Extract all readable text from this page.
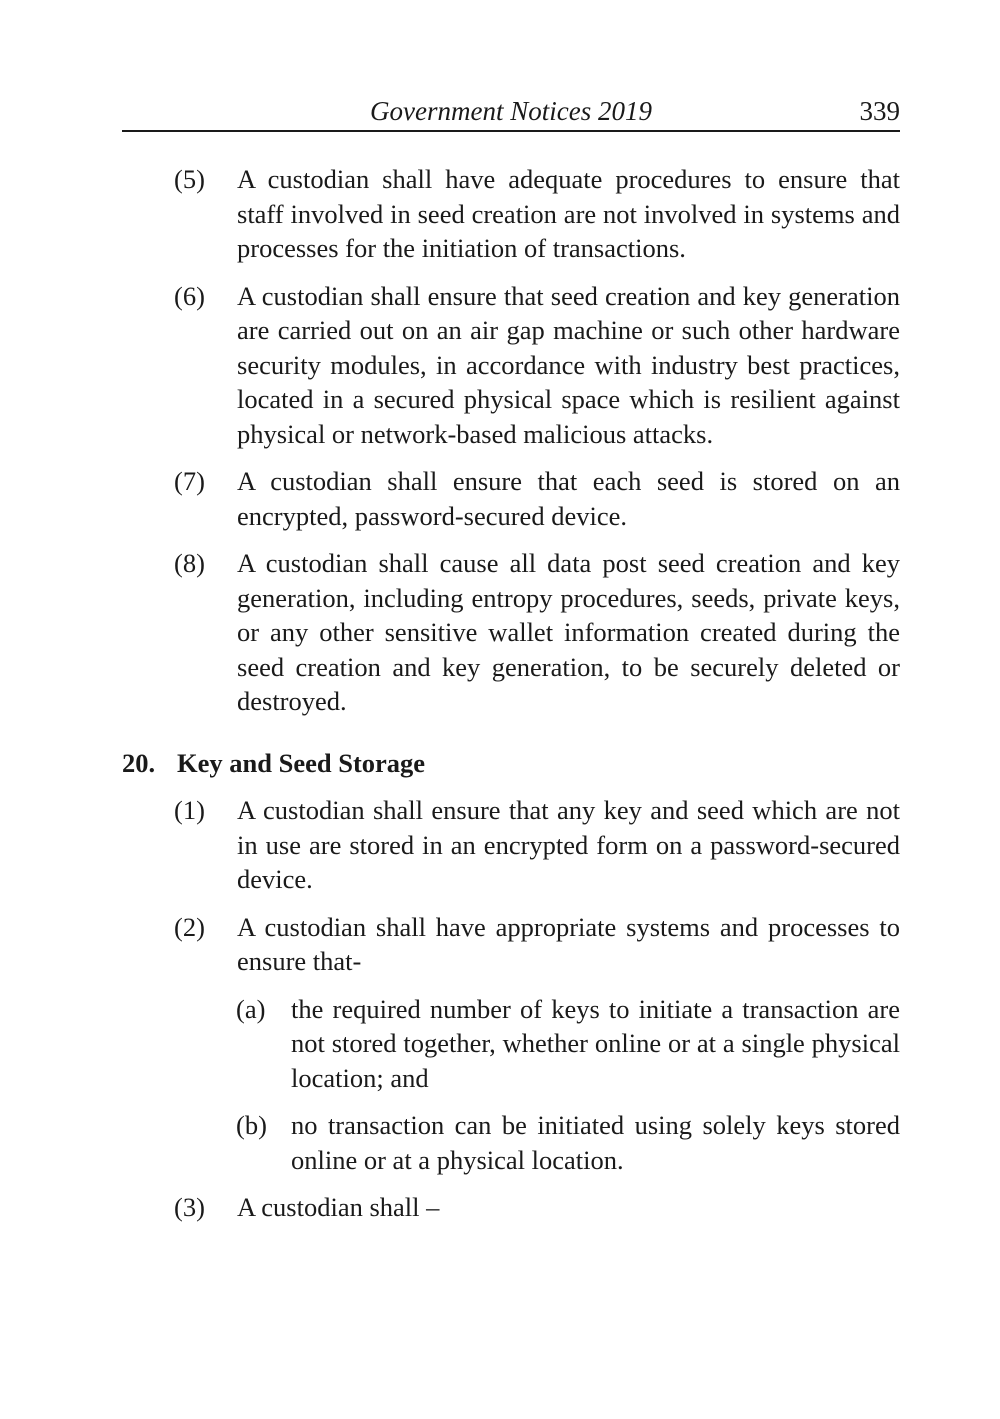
Government Notices 2019	339
(5) A custodian shall have adequate procedures to ensure that staff involved in seed creation are not involved in systems and processes for the initiation of transactions.
(6) A custodian shall ensure that seed creation and key generation are carried out on an air gap machine or such other hardware security modules, in accordance with industry best practices, located in a secured physical space which is resilient against physical or network-based malicious attacks.
(7) A custodian shall ensure that each seed is stored on an encrypted, password-secured device.
(8) A custodian shall cause all data post seed creation and key generation, including entropy procedures, seeds, private keys, or any other sensitive wallet information created during the seed creation and key generation, to be securely deleted or destroyed.
20. Key and Seed Storage
(1) A custodian shall ensure that any key and seed which are not in use are stored in an encrypted form on a password-secured device.
(2) A custodian shall have appropriate systems and processes to ensure that-
(a) the required number of keys to initiate a transaction are not stored together, whether online or at a single physical location; and
(b) no transaction can be initiated using solely keys stored online or at a physical location.
(3) A custodian shall –
